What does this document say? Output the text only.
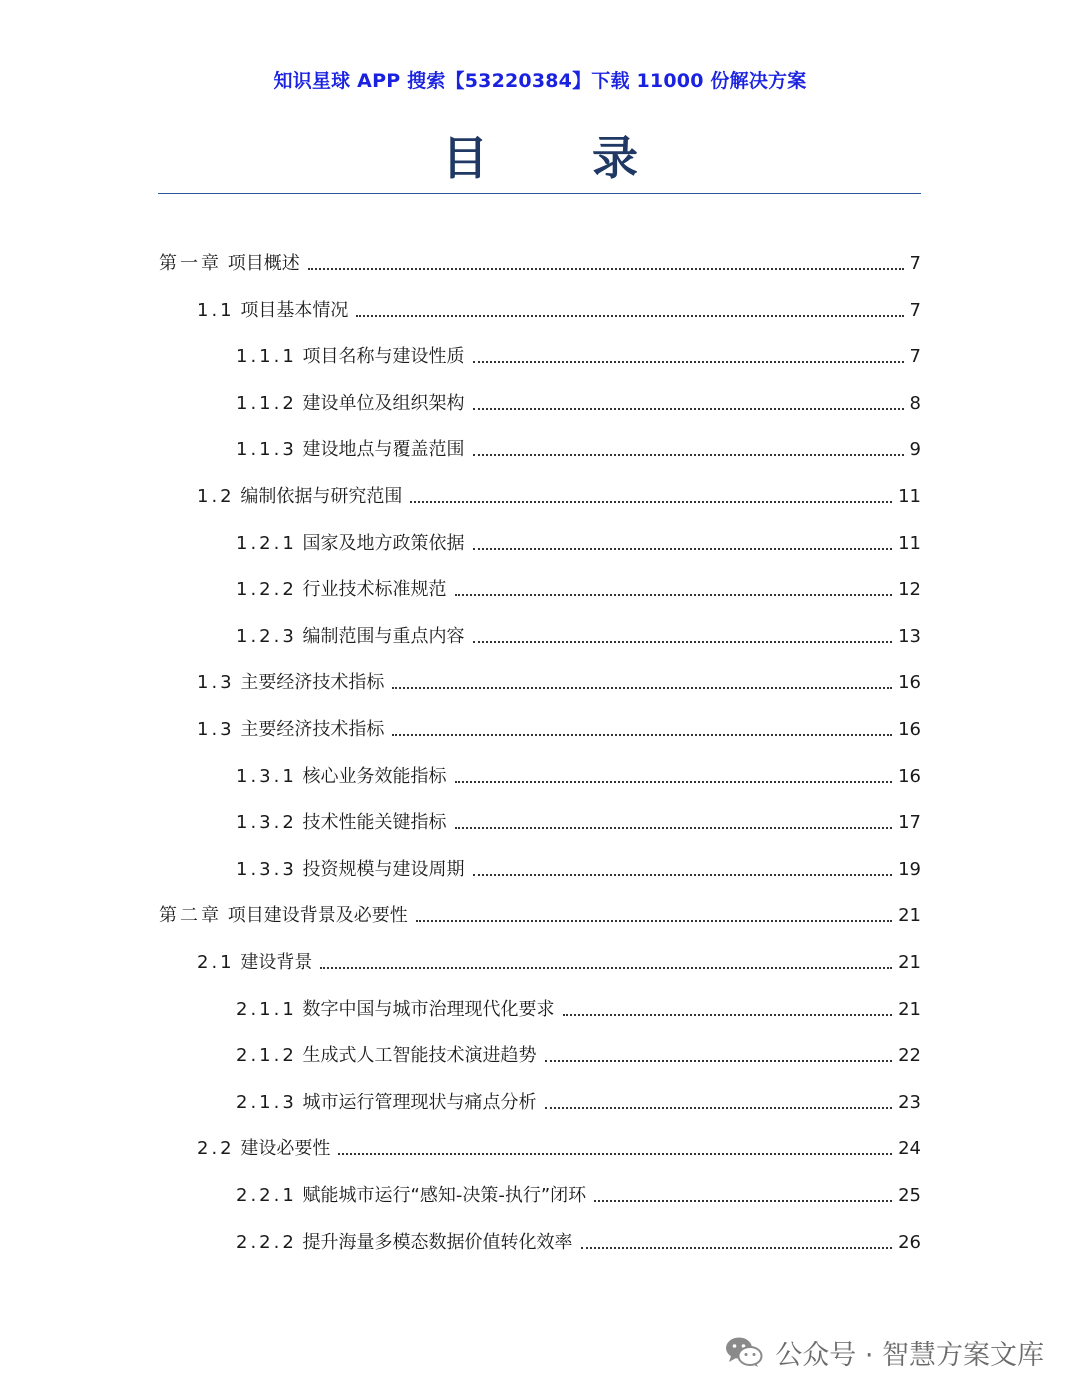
知识星球 APP 搜索【53220384】下载 11000 份解决方案
目 录
第一章 项目概述	7
1.1 项目基本情况	7
1.1.1 项目名称与建设性质	7
1.1.2 建设单位及组织架构	8
1.1.3 建设地点与覆盖范围	9
1.2 编制依据与研究范围	11
1.2.1 国家及地方政策依据	11
1.2.2 行业技术标准规范	12
1.2.3 编制范围与重点内容	13
1.3 主要经济技术指标	16
1.3 主要经济技术指标	16
1.3.1 核心业务效能指标	16
1.3.2 技术性能关键指标	17
1.3.3 投资规模与建设周期	19
第二章 项目建设背景及必要性	21
2.1 建设背景	21
2.1.1 数字中国与城市治理现代化要求	21
2.1.2 生成式人工智能技术演进趋势	22
2.1.3 城市运行管理现状与痛点分析	23
2.2 建设必要性	24
2.2.1 赋能城市运行“感知-决策-执行”闭环	25
2.2.2 提升海量多模态数据价值转化效率	26
公众号 · 智慧方案文库
